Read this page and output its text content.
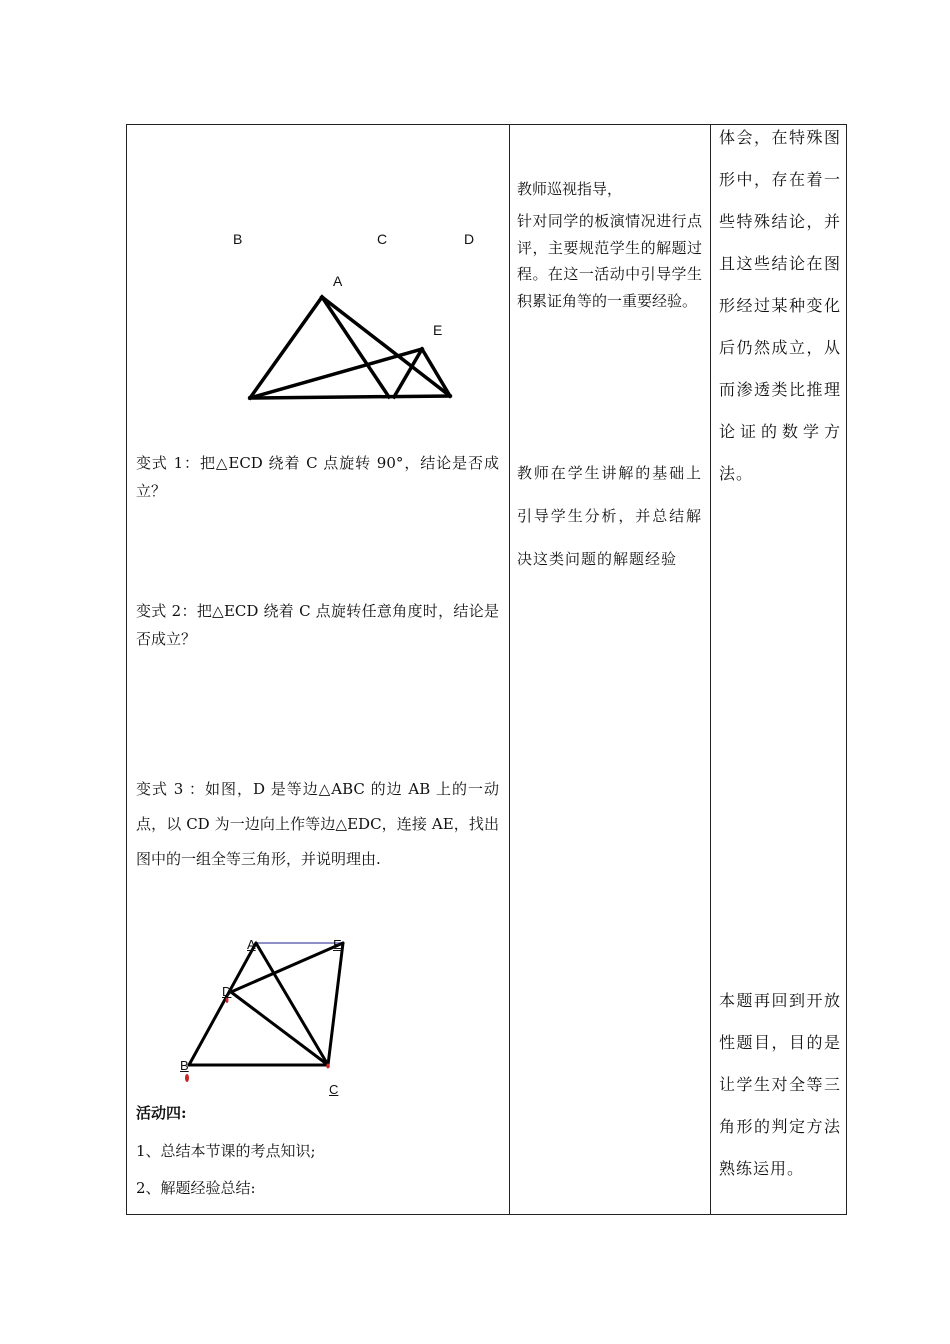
B	C	D
A
E
变式 1：把△ECD 绕着 C 点旋转 90°，结论是否成立？
变式 2：把△ECD 绕着 C 点旋转任意角度时，结论是否成立？
变式 3 ：如图，D 是等边△ABC 的边 AB 上的一动点，以 CD 为一边向上作等边△EDC，连接 AE，找出图中的一组全等三角形，并说明理由.
A	E
D
B
C
活动四:
1、总结本节课的考点知识;
2、解题经验总结:
教师巡视指导，
针对同学的板演情况进行点评，主要规范学生的解题过程。在这一活动中引导学生积累证角等的一重要经验。
教师在学生讲解的基础上引导学生分析，并总结解决这类问题的解题经验
体会，在特殊图形中，存在着一些特殊结论，并且这些结论在图形经过某种变化后仍然成立，从而渗透类比推理论证的数学方法。
本题再回到开放性题目，目的是让学生对全等三角形的判定方法熟练运用。
